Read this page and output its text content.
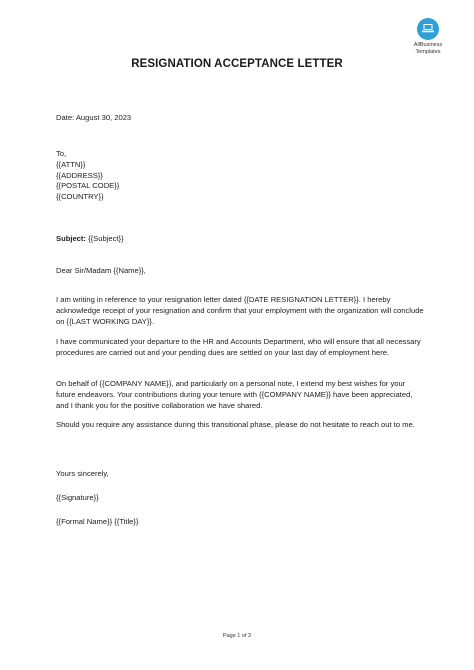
AllBusiness
Templates
RESIGNATION ACCEPTANCE LETTER
Date: August 30, 2023

To,

{{ATTN}}

{{ADDRESS}}

{{POSTAL CODE}}

{{COUNTRY}}

Subject: {{Subject}}
Dear Sir/Madam {{Name}},
I am writing in reference to your resignation letter dated {{DATE RESIGNATION LETTER}}. I hereby acknowledge receipt of your resignation and confirm that your employment with the organization will conclude on {{LAST WORKING DAY}}.
I have communicated your departure to the HR and Accounts Department, who will ensure that all necessary procedures are carried out and your pending dues are settled on your last day of employment here.
On behalf of {{COMPANY NAME}}, and particularly on a personal note, I extend my best wishes for your future endeavors. Your contributions during your tenure with {{COMPANY NAME}} have been appreciated, and I thank you for the positive collaboration we have shared.
Should you require any assistance during this transitional phase, please do not hesitate to reach out to me.
Yours sincerely,
{{Signature}}
{{Formal Name}} {{Title}}
Page 1 of 3
